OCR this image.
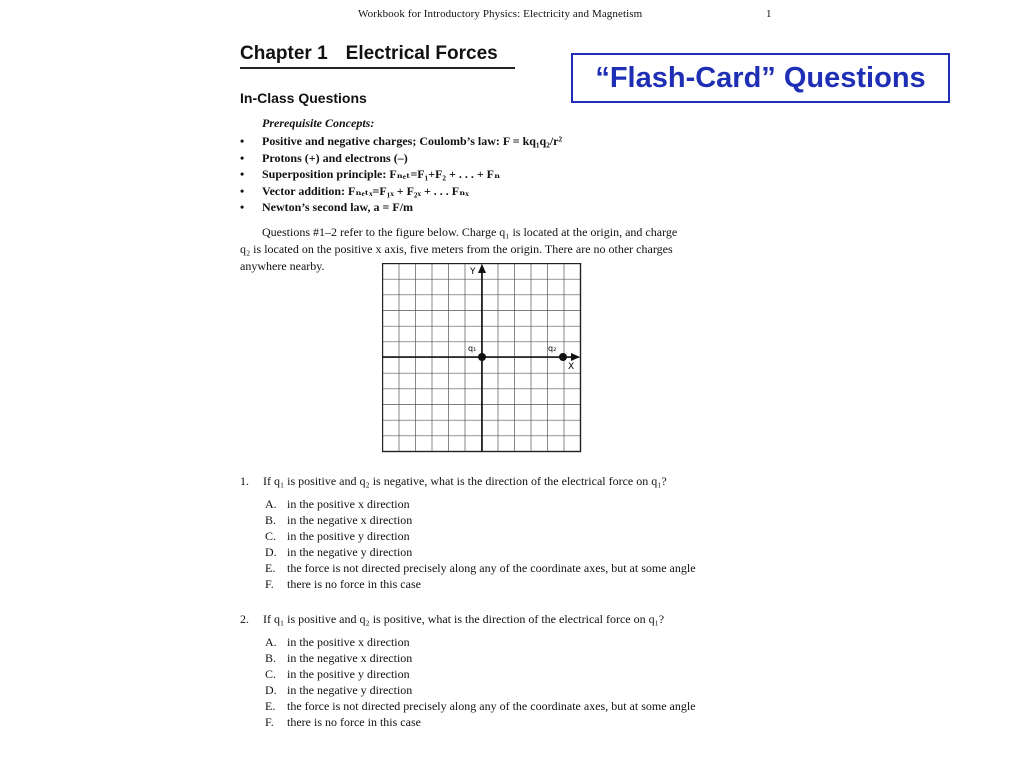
Workbook for Introductory Physics: Electricity and Magnetism	1
Chapter 1 Electrical Forces
“Flash-Card” Questions
In-Class Questions
Prerequisite Concepts:
• Positive and negative charges; Coulomb’s law: F = kq₁q₂/r²
• Protons (+) and electrons (–)
• Superposition principle: Fₙₑₜ=F₁+F₂ + . . . + Fₙ
• Vector addition: Fₙₑₜₓ=F₁ₓ + F₂ₓ + . . . Fₙₓ
• Newton’s second law, a = F/m
Questions #1–2 refer to the figure below. Charge q₁ is located at the origin, and charge
q₂ is located on the positive x axis, five meters from the origin. There are no other charges
anywhere nearby.	Y
X
q₁	q₂
1. If q₁ is positive and q₂ is negative, what is the direction of the electrical force on q₁?
A. in the positive x direction
B. in the negative x direction
C. in the positive y direction
D. in the negative y direction
E. the force is not directed precisely along any of the coordinate axes, but at some angle
F. there is no force in this case
2. If q₁ is positive and q₂ is positive, what is the direction of the electrical force on q₁?
A. in the positive x direction
B. in the negative x direction
C. in the positive y direction
D. in the negative y direction
E. the force is not directed precisely along any of the coordinate axes, but at some angle
F. there is no force in this case
